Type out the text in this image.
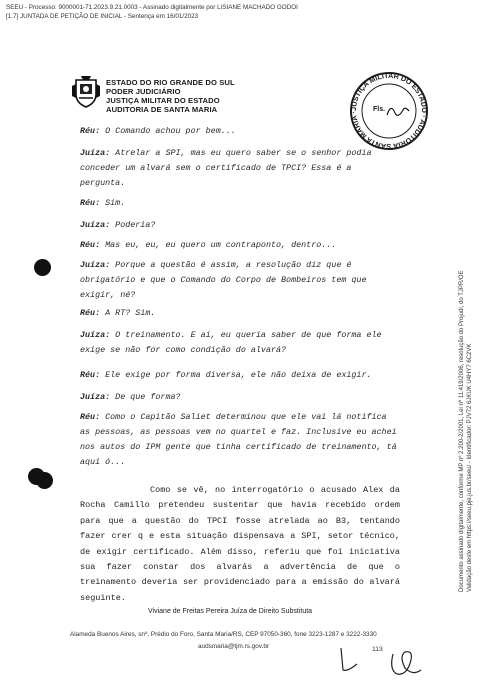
SEEU - Processo: 9000001-71.2023.9.21.0003 - Assinado digitalmente por LISIANE MACHADO GODOI
[1.7] JUNTADA DE PETIÇÃO DE INICIAL - Sentença em 16/01/2023
ESTADO DO RIO GRANDE DO SUL
PODER JUDICIÁRIO
JUSTIÇA MILITAR DO ESTADO
AUDITORIA DE SANTA MARIA	JUSTIÇA MILITAR DO ESTADO · AUDITORIA SANTA MARIA ·	Fls.
Documento assinado digitalmente, conforme MP nº 2.200-2/2001, Lei nº 11.419/2006, resolução do Projudi, do TJPR/OE Validação deste em https://seeu.pje.jus.br/seeu/ - Identificador: PJV72 6JKUK U4HY7 6C2VK
Réu: O Comando achou por bem...
Juíza: Atrelar a SPI, mas eu quero saber se o senhor podia conceder um alvará sem o certificado de TPCI? Essa é a pergunta.
Réu: Sim.
Juíza: Poderia?
Réu: Mas eu, eu, eu quero um contraponto, dentro...
Juíza: Porque a questão é assim, a resolução diz que é obrigatório e que o Comando do Corpo de Bombeiros tem que exigir, né?
Réu: A RT? Sim.
Juíza: O treinamento. E aí, eu queria saber de que forma ele exige se não for como condição do alvará?
Réu: Ele exige por forma diversa, ele não deixa de exigir.
Juíza: De que forma?
Réu: Como o Capitão Saliet determinou que ele vai lá notifica as pessoas, as pessoas vem no quartel e faz. Inclusive eu achei nos autos do IPM gente que tinha certificado de treinamento, tá aqui ó...
Como se vê, no interrogatório o acusado Alex da Rocha Camillo pretendeu sustentar que havia recebido ordem para que a questão do TPCI fosse atrelada ao B3, tentando fazer crer q e esta situação dispensava a SPI, setor técnico, de exigir certificado. Além disso, referiu que foi iniciativa sua fazer constar dos alvarás a advertência de que o treinamento deveria ser providenciado para a emissão do alvará seguinte.
Viviane de Freitas Pereira Juíza de Direito Substituta
Alameda Buenos Aires, snº, Prédio do Foro, Santa Maria/RS, CEP 97050-360, fone 3223-1287 e 3222-3330
audsmaria@tjm.rs.gov.br	113
